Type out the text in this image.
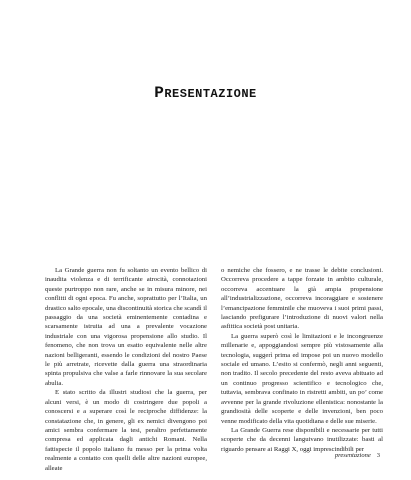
PRESENTAZIONE

La Grande guerra non fu soltanto un evento bellico di inaudita violenza e di terrificante atrocità, connotazioni queste purtroppo non rare, anche se in misura minore, nei conflitti di ogni epoca. Fu anche, soprattutto per l’Italia, un drastico salto epocale, una discontinuità storica che scandì il passaggio da una società eminentemente contadina e scarsamente istruita ad una a prevalente vocazione industriale con una vigorosa propensione allo studio. Il fenomeno, che non trova un esatto equivalente nelle altre nazioni belligeranti, essendo le condizioni del nostro Paese le più arretrate, ricevette dalla guerra una straordinaria spinta propulsiva che valse a farle rinnovare la sua secolare abulia.

E stato scritto da illustri studiosi che la guerra, per alcuni versi, è un modo di costringere due popoli a conoscersi e a superare così le reciproche diffidenze: la constatazione che, in genere, gli ex nemici divengono poi amici sembra confermare la tesi, peraltro perfettamente compresa ed applicata dagli antichi Romani. Nella fattispecie il popolo italiano fu messo per la prima volta realmente a contatto con quelli delle altre nazioni europee, alleate

o nemiche che fossero, e ne trasse le debite conclusioni. Occorreva procedere a tappe forzate in ambito culturale, occorreva accentuare la già ampia propensione all’industrializzazione, occorreva incoraggiare e sostenere l’emancipazione femminile che muoveva i suoi primi passi, lasciando prefigurare l’introduzione di nuovi valori nella asfittica società post unitaria.

La guerra superò così le limitazioni e le incongruenze millenarie e, appoggiandosi sempre più vistosamente alla tecnologia, suggerì prima ed impose poi un nuovo modello sociale ed umano. L’esito si confermò, negli anni seguenti, non tradito. Il secolo precedente del resto aveva abituato ad un continuo progresso scientifico e tecnologico che, tuttavia, sembrava confinato in ristretti ambiti, un po’ come avvenne per la grande rivoluzione ellenistica: nonostante la grandiosità delle scoperte e delle invenzioni, ben poco venne modificato della vita quotidiana e delle sue miserie.

La Grande Guerra rese disponibili e necessarie per tutti scoperte che da decenni languivano inutilizzate: basti al riguardo pensare ai Raggi X, oggi imprescindibili per

presentazione 3
